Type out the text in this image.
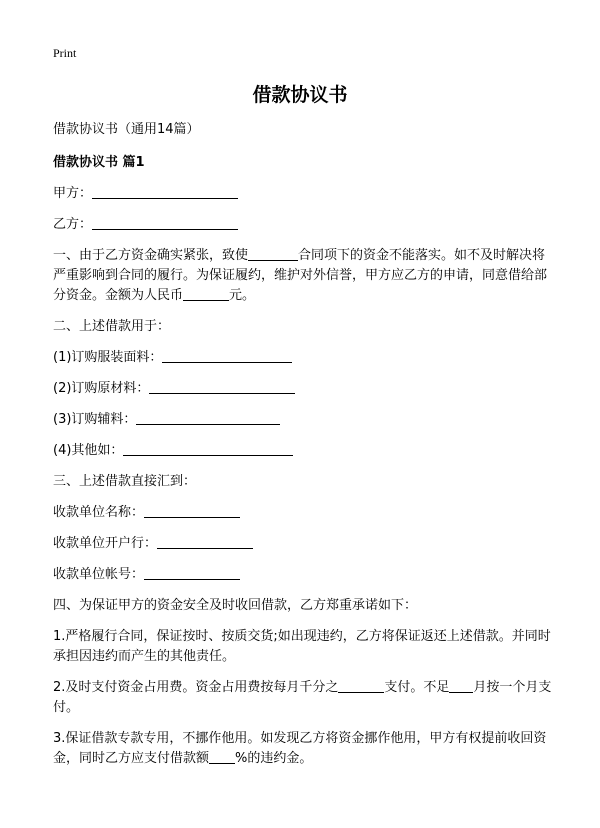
Print
借款协议书

借款协议书（通用14篇）

借款协议书 篇1

甲方：

乙方：

一、由于乙方资金确实紧张，致使	合同项下的资金不能落实。如不及时解决将严重影响到合同的履行。为保证履约，维护对外信誉，甲方应乙方的申请，同意借给部分资金。金额为人民币	元。

二、上述借款用于：

(1)订购服装面料：
(2)订购原材料：
(3)订购辅料：
(4)其他如：

三、上述借款直接汇到：

收款单位名称：
收款单位开户行：
收款单位帐号：

四、为保证甲方的资金安全及时收回借款，乙方郑重承诺如下：

1.严格履行合同，保证按时、按质交货;如出现违约，乙方将保证返还上述借款。并同时承担因违约而产生的其他责任。

2.及时支付资金占用费。资金占用费按每月千分之	支付。不足 月按一个月支付。

3.保证借款专款专用，不挪作他用。如发现乙方将资金挪作他用，甲方有权提前收回资金，同时乙方应支付借款额 %的违约金。
